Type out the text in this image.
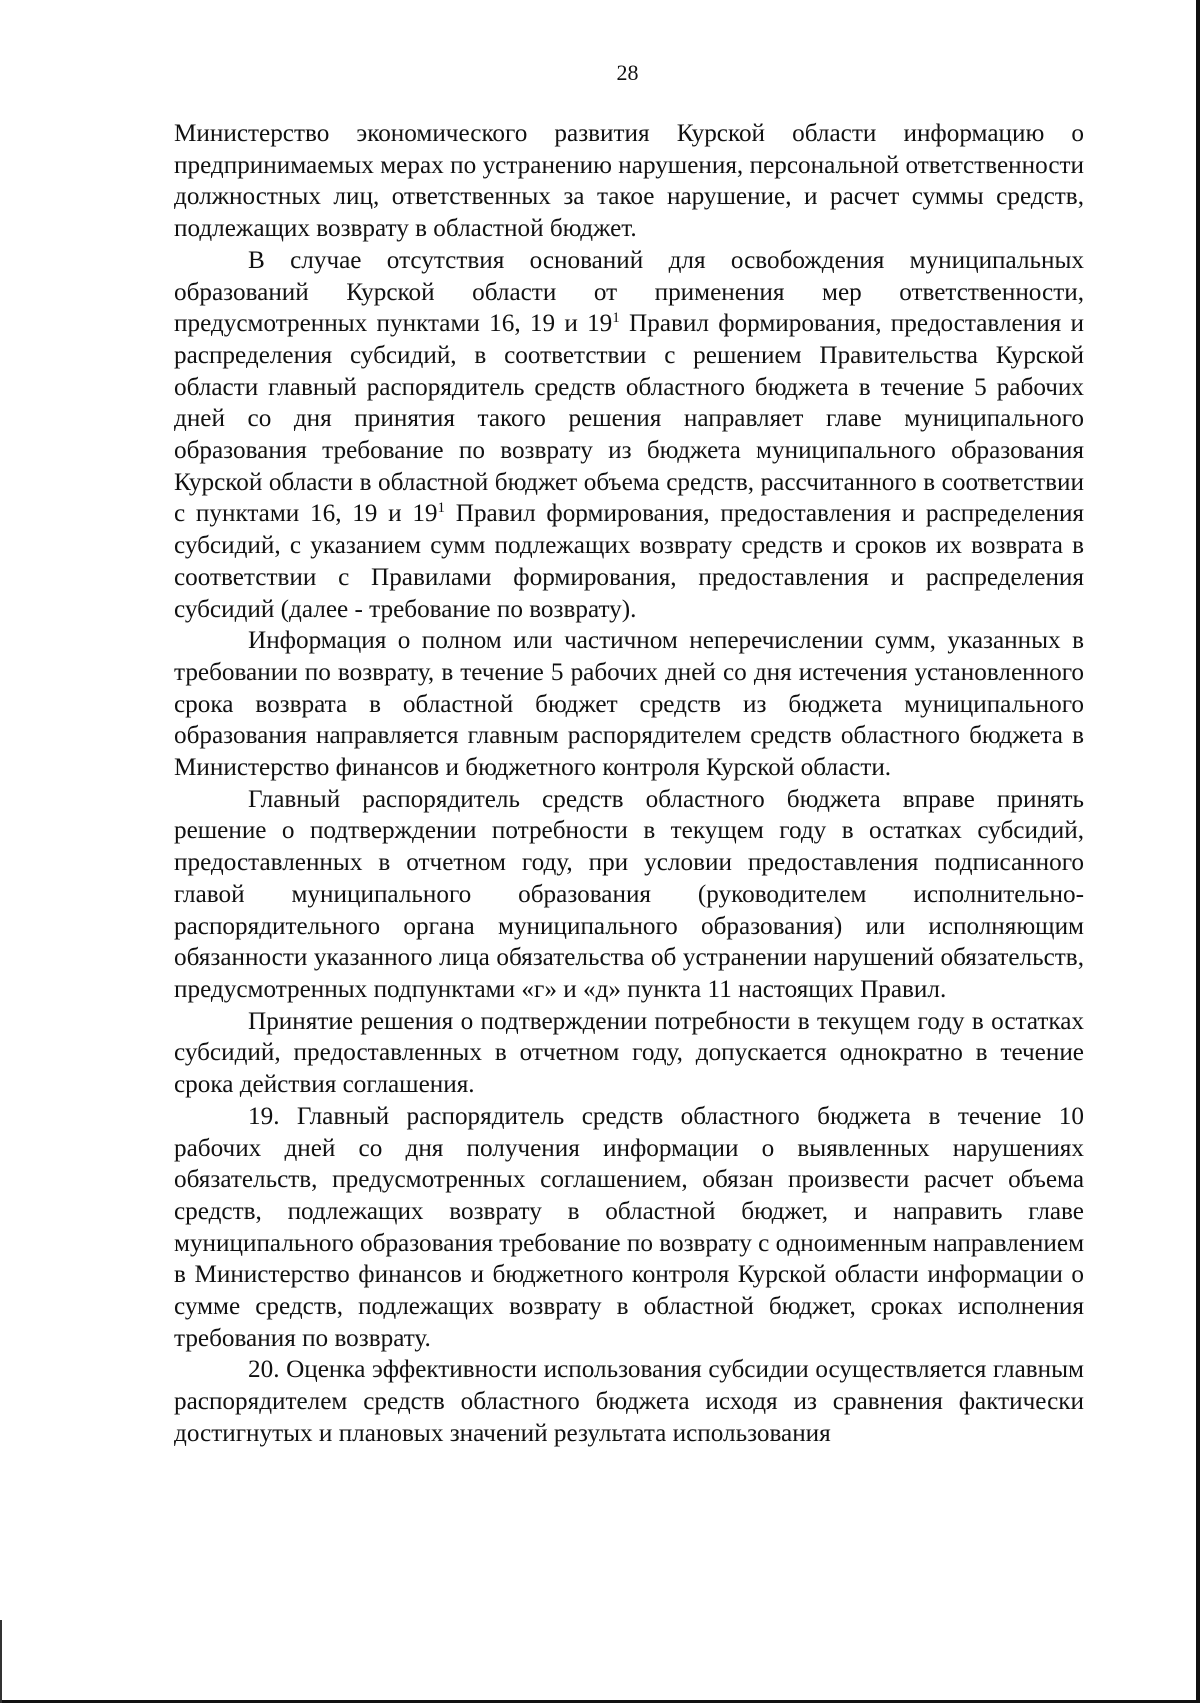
28

Министерство экономического развития Курской области информацию о предпринимаемых мерах по устранению нарушения, персональной ответственности должностных лиц, ответственных за такое нарушение, и расчет суммы средств, подлежащих возврату в областной бюджет.

В случае отсутствия оснований для освобождения муниципальных образований Курской области от применения мер ответственности, предусмотренных пунктами 16, 19 и $19^1$ Правил формирования, предоставления и распределения субсидий, в соответствии с решением Правительства Курской области главный распорядитель средств областного бюджета в течение 5 рабочих дней со дня принятия такого решения направляет главе муниципального образования требование по возврату из бюджета муниципального образования Курской области в областной бюджет объема средств, рассчитанного в соответствии с пунктами 16, 19 и $19^1$ Правил формирования, предоставления и распределения субсидий, с указанием сумм подлежащих возврату средств и сроков их возврата в соответствии с Правилами формирования, предоставления и распределения субсидий (далее - требование по возврату).

Информация о полном или частичном неперечислении сумм, указанных в требовании по возврату, в течение 5 рабочих дней со дня истечения установленного срока возврата в областной бюджет средств из бюджета муниципального образования направляется главным распорядителем средств областного бюджета в Министерство финансов и бюджетного контроля Курской области.

Главный распорядитель средств областного бюджета вправе принять решение о подтверждении потребности в текущем году в остатках субсидий, предоставленных в отчетном году, при условии предоставления подписанного главой муниципального образования (руководителем исполнительно-распорядительного органа муниципального образования) или исполняющим обязанности указанного лица обязательства об устранении нарушений обязательств, предусмотренных подпунктами «г» и «д» пункта 11 настоящих Правил.

Принятие решения о подтверждении потребности в текущем году в остатках субсидий, предоставленных в отчетном году, допускается однократно в течение срока действия соглашения.

19. Главный распорядитель средств областного бюджета в течение 10 рабочих дней со дня получения информации о выявленных нарушениях обязательств, предусмотренных соглашением, обязан произвести расчет объема средств, подлежащих возврату в областной бюджет, и направить главе муниципального образования требование по возврату с одноименным направлением в Министерство финансов и бюджетного контроля Курской области информации о сумме средств, подлежащих возврату в областной бюджет, сроках исполнения требования по возврату.

20. Оценка эффективности использования субсидии осуществляется главным распорядителем средств областного бюджета исходя из сравнения фактически достигнутых и плановых значений результата использования
